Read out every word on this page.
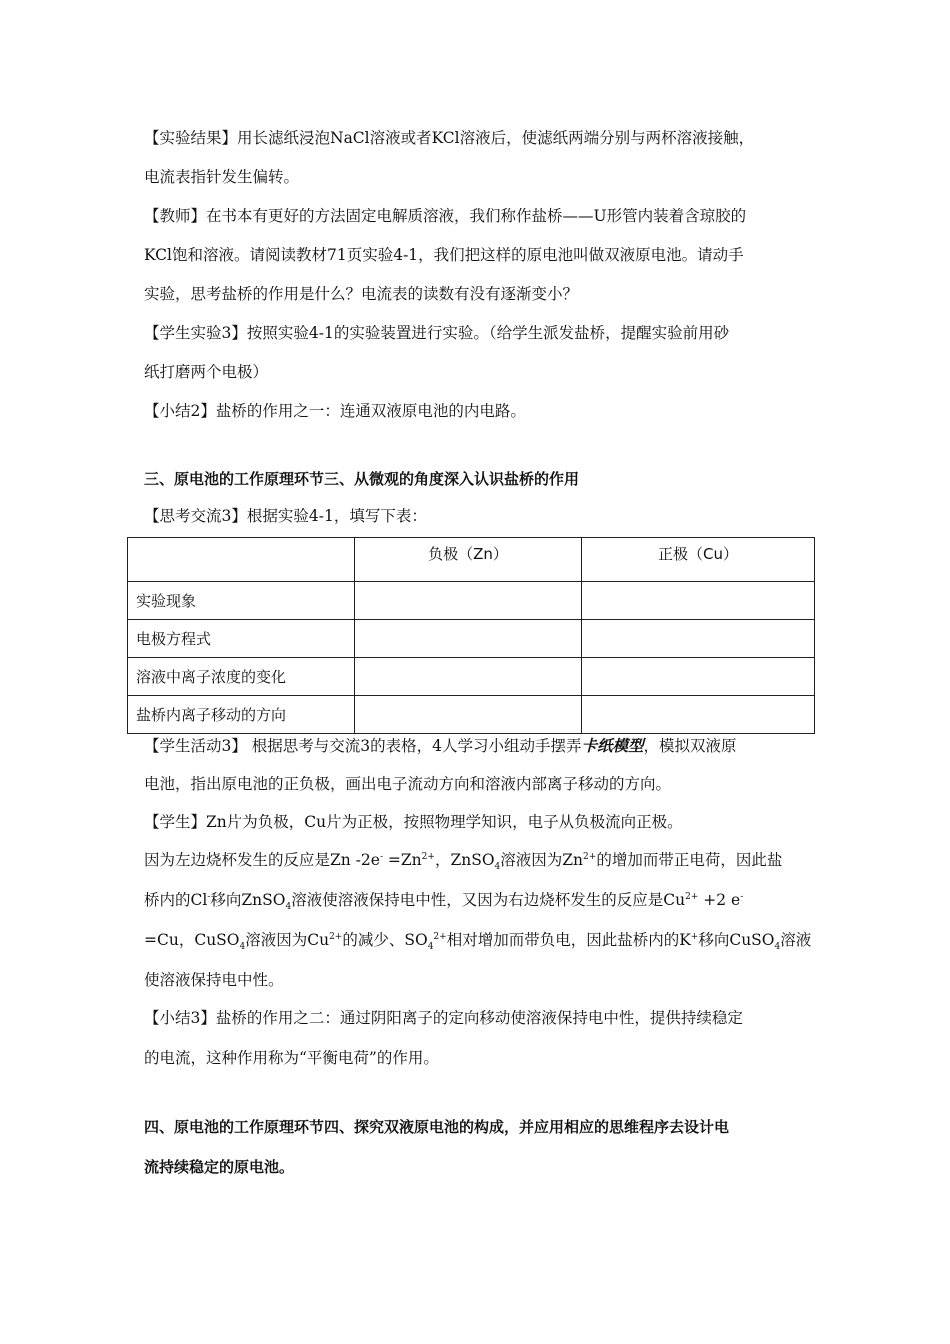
【实验结果】用长滤纸浸泡NaCl溶液或者KCl溶液后，使滤纸两端分别与两杯溶液接触，
电流表指针发生偏转。
【教师】在书本有更好的方法固定电解质溶液，我们称作盐桥——U形管内装着含琼胶的
KCl饱和溶液。请阅读教材71页实验4-1，我们把这样的原电池叫做双液原电池。请动手
实验，思考盐桥的作用是什么？电流表的读数有没有逐渐变小？
【学生实验3】按照实验4-1的实验装置进行实验。（给学生派发盐桥，提醒实验前用砂
纸打磨两个电极）
【小结2】盐桥的作用之一：连通双液原电池的内电路。
三、原电池的工作原理环节三、从微观的角度深入认识盐桥的作用
【思考交流3】根据实验4-1，填写下表：
	负极（Zn）	正极（Cu）
实验现象		
电极方程式		
溶液中离子浓度的变化		
盐桥内离子移动的方向		
【学生活动3】 根据思考与交流3的表格，4人学习小组动手摆弄卡纸模型，模拟双液原
电池，指出原电池的正负极，画出电子流动方向和溶液内部离子移动的方向。
【学生】Zn片为负极，Cu片为正极，按照物理学知识，电子从负极流向正极。
因为左边烧杯发生的反应是Zn $-2e^- =Zn^{2+}$，ZnSO$_4$溶液因为$Zn^{2+}$的增加而带正电荷，因此盐
桥内的Cl-移向ZnSO$_4$溶液使溶液保持电中性，又因为右边烧杯发生的反应是$Cu^{2+} +2$ e-
=Cu，CuSO$_4$溶液因为$Cu^{2+}$的减少、$SO_4^{2+}$相对增加而带负电，因此盐桥内的K+移向CuSO$_4$溶液
使溶液保持电中性。
【小结3】盐桥的作用之二：通过阴阳离子的定向移动使溶液保持电中性，提供持续稳定
的电流，这种作用称为“平衡电荷”的作用。
四、原电池的工作原理环节四、探究双液原电池的构成，并应用相应的思维程序去设计电
流持续稳定的原电池。
